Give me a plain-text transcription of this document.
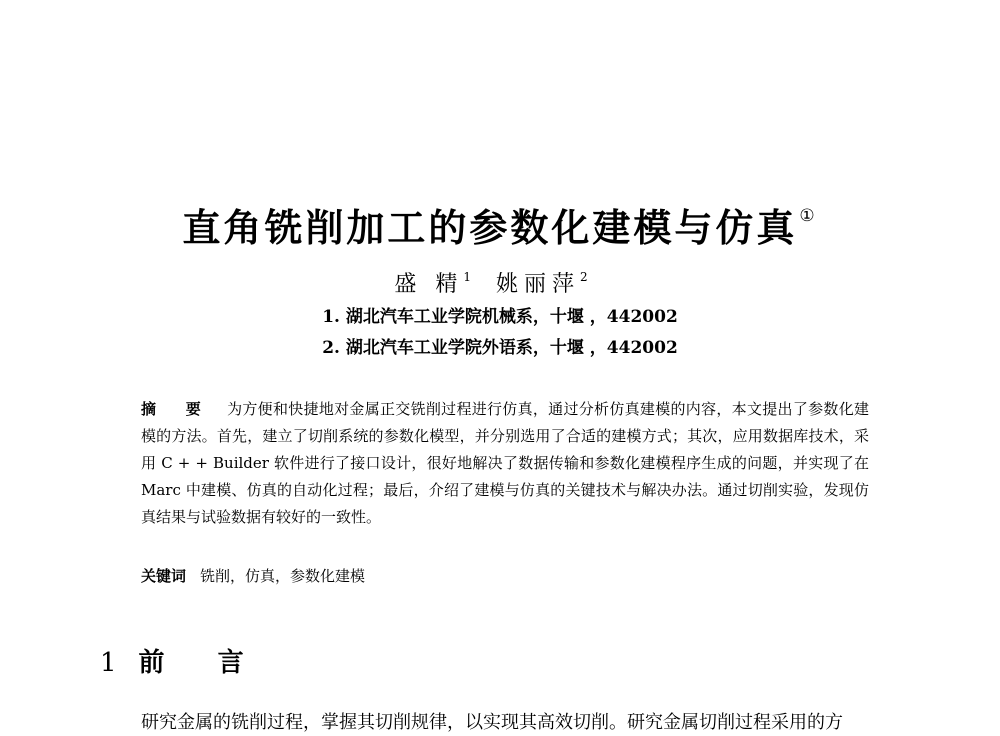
直角铣削加工的参数化建模与仿真 ①
盛 精$^1$ 姚丽萍$^2$
1. 湖北汽车工业学院机械系，十堰 ，442002
2. 湖北汽车工业学院外语系，十堰 ，442002
摘 要 为方便和快捷地对金属正交铣削过程进行仿真，通过分析仿真建模的内容，本文提出了参数化建模的方法。首先，建立了切削系统的参数化模型，并分别选用了合适的建模方式；其次，应用数据库技术，采用 C + + Builder 软件进行了接口设计，很好地解决了数据传输和参数化建模程序生成的问题，并实现了在 Marc 中建模、仿真的自动化过程；最后，介绍了建模与仿真的关键技术与解决办法。通过切削实验，发现仿真结果与试验数据有较好的一致性。
关键词 铣削，仿真，参数化建模
1 前 言
研究金属的铣削过程，掌握其切削规律，以实现其高效切削。研究金属切削过程采用的方
